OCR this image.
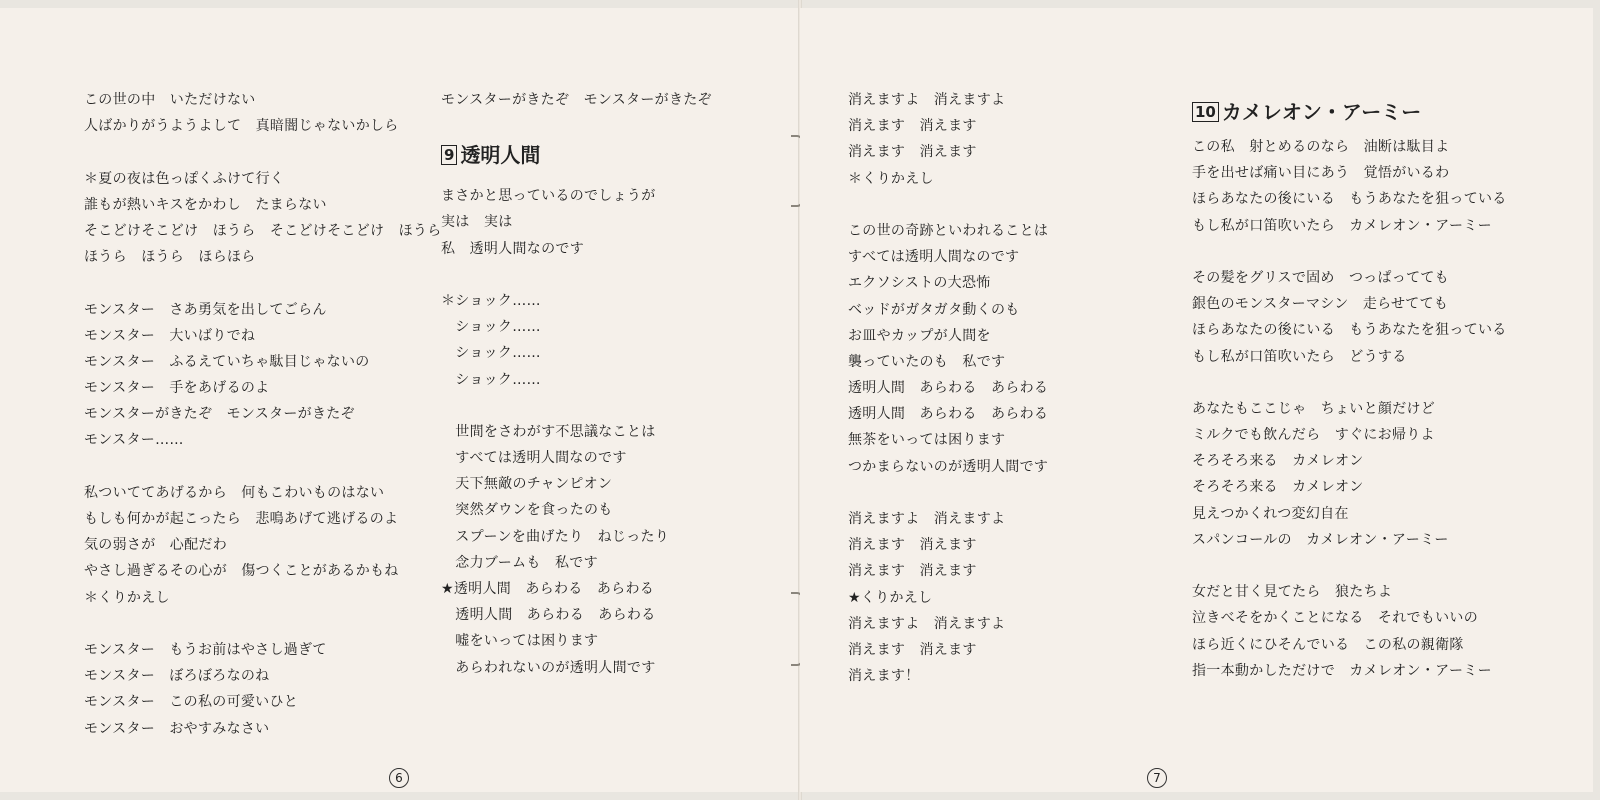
この世の中　いただけない
人ばかりがうようよして　真暗闇じゃないかしら
＊夏の夜は色っぽくふけて行く
誰もが熱いキスをかわし　たまらない
そこどけそこどけ　ほうら　そこどけそこどけ　ほうら
ほうら　ほうら　ほらほら
モンスター　さあ勇気を出してごらん
モンスター　大いばりでね
モンスター　ふるえていちゃ駄目じゃないの
モンスター　手をあげるのよ
モンスターがきたぞ　モンスターがきたぞ
モンスター……
私ついててあげるから　何もこわいものはない
もしも何かが起こったら　悲鳴あげて逃げるのよ
気の弱さが　心配だわ
やさし過ぎるその心が　傷つくことがあるかもね
＊くりかえし
モンスター　もうお前はやさし過ぎて
モンスター　ぼろぼろなのね
モンスター　この私の可愛いひと
モンスター　おやすみなさい
モンスターがきたぞ　モンスターがきたぞ
9 透明人間
まさかと思っているのでしょうが
実は　実は
私　透明人間なのです
＊ショック……
　ショック……
　ショック……
　ショック……
　世間をさわがす不思議なことは
　すべては透明人間なのです
　天下無敵のチャンピオン
　突然ダウンを食ったのも
　スプーンを曲げたり　ねじったり
　念力ブームも　私です
★透明人間　あらわる　あらわる
　透明人間　あらわる　あらわる
　嘘をいっては困ります
　あらわれないのが透明人間です
6
消えますよ　消えますよ
消えます　消えます
消えます　消えます
＊くりかえし
この世の奇跡といわれることは
すべては透明人間なのです
エクソシストの大恐怖
ベッドがガタガタ動くのも
お皿やカップが人間を
襲っていたのも　私です
透明人間　あらわる　あらわる
透明人間　あらわる　あらわる
無茶をいっては困ります
つかまらないのが透明人間です
消えますよ　消えますよ
消えます　消えます
消えます　消えます
★くりかえし
消えますよ　消えますよ
消えます　消えます
消えます！
10 カメレオン・アーミー
この私　射とめるのなら　油断は駄目よ
手を出せば痛い目にあう　覚悟がいるわ
ほらあなたの後にいる　もうあなたを狙っている
もし私が口笛吹いたら　カメレオン・アーミー
その髪をグリスで固め　つっぱってても
銀色のモンスターマシン　走らせてても
ほらあなたの後にいる　もうあなたを狙っている
もし私が口笛吹いたら　どうする
あなたもここじゃ　ちょいと顔だけど
ミルクでも飲んだら　すぐにお帰りよ
そろそろ来る　カメレオン
そろそろ来る　カメレオン
見えつかくれつ変幻自在
スパンコールの　カメレオン・アーミー
女だと甘く見てたら　狼たちよ
泣きべそをかくことになる　それでもいいの
ほら近くにひそんでいる　この私の親衛隊
指一本動かしただけで　カメレオン・アーミー
7
